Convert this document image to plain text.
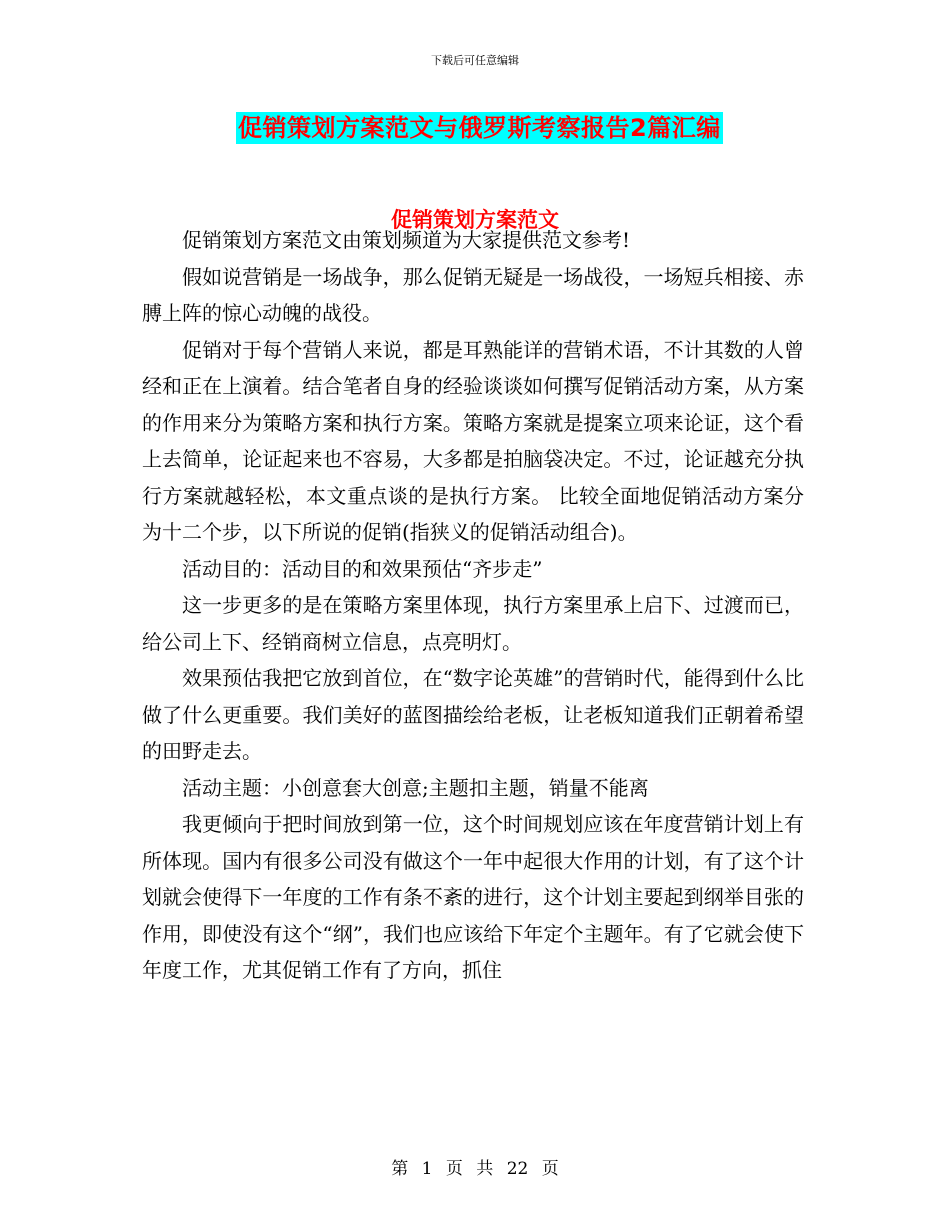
下载后可任意编辑
促销策划方案范文与俄罗斯考察报告2篇汇编
促销策划方案范文

促销策划方案范文由策划频道为大家提供范文参考!

假如说营销是一场战争，那么促销无疑是一场战役，一场短兵相接、赤膊上阵的惊心动魄的战役。

促销对于每个营销人来说，都是耳熟能详的营销术语，不计其数的人曾经和正在上演着。结合笔者自身的经验谈谈如何撰写促销活动方案，从方案的作用来分为策略方案和执行方案。策略方案就是提案立项来论证，这个看上去简单，论证起来也不容易，大多都是拍脑袋决定。不过，论证越充分执行方案就越轻松，本文重点谈的是执行方案。 比较全面地促销活动方案分为十二个步，以下所说的促销(指狭义的促销活动组合)。

活动目的：活动目的和效果预估“齐步走”

这一步更多的是在策略方案里体现，执行方案里承上启下、过渡而已，给公司上下、经销商树立信息，点亮明灯。

效果预估我把它放到首位，在“数字论英雄”的营销时代，能得到什么比做了什么更重要。我们美好的蓝图描绘给老板，让老板知道我们正朝着希望的田野走去。

活动主题：小创意套大创意;主题扣主题，销量不能离

我更倾向于把时间放到第一位，这个时间规划应该在年度营销计划上有所体现。国内有很多公司没有做这个一年中起很大作用的计划，有了这个计划就会使得下一年度的工作有条不紊的进行，这个计划主要起到纲举目张的作用，即使没有这个“纲”，我们也应该给下年定个主题年。有了它就会使下年度工作，尤其促销工作有了方向，抓住

第 1 页 共 22 页
